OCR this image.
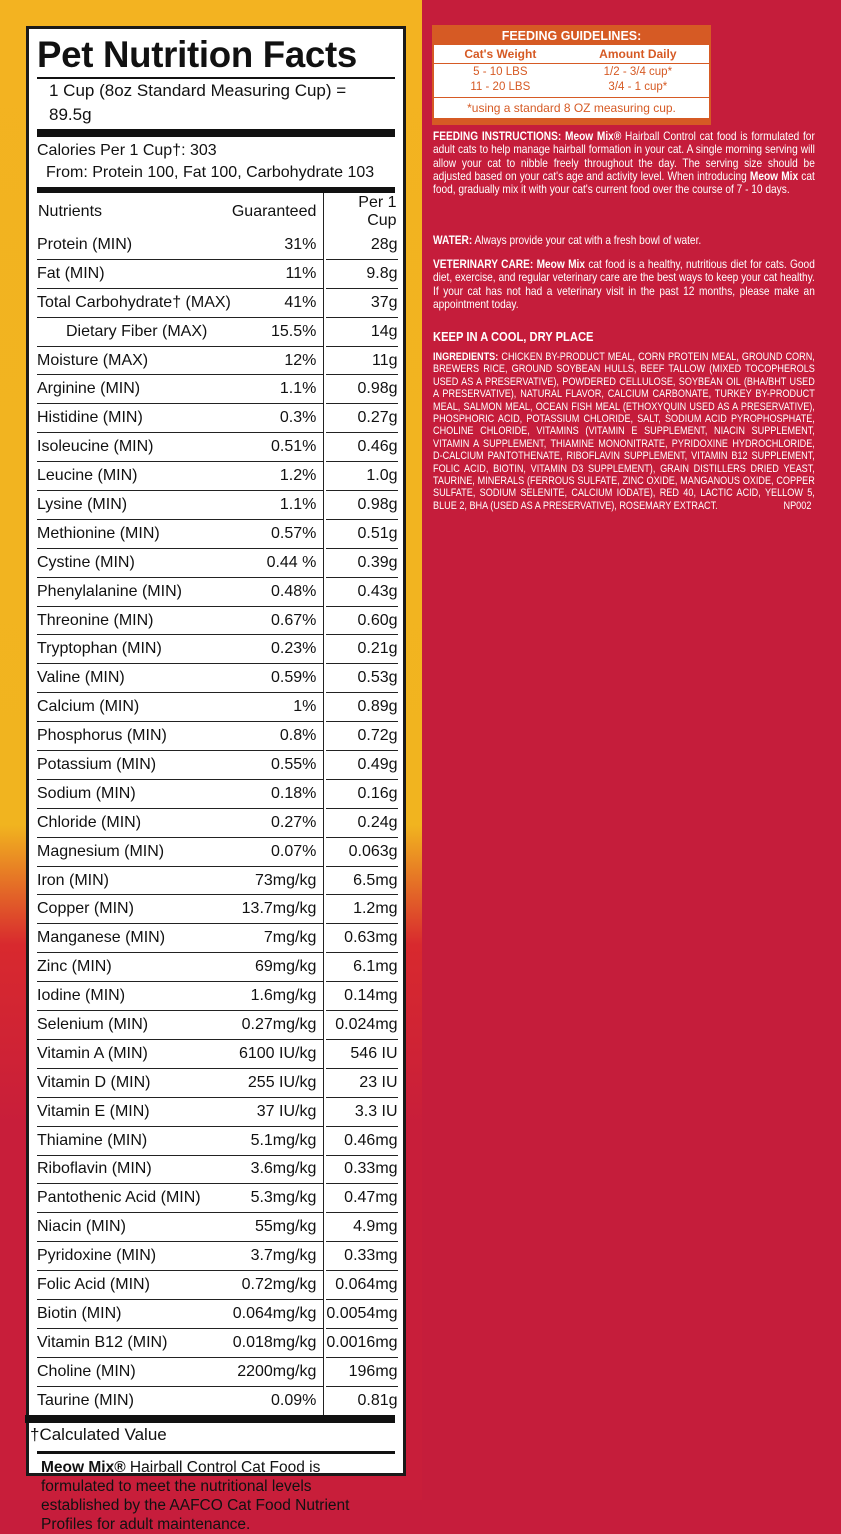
Pet Nutrition Facts
1 Cup (8oz Standard Measuring Cup) = 89.5g
Calories Per 1 Cup†: 303
From: Protein 100, Fat 100, Carbohydrate 103
Nutrients	Guaranteed		Per 1 Cup
Protein (MIN)	31%		28g
Fat (MIN)	11%		9.8g
Total Carbohydrate† (MAX)	41%		37g
Dietary Fiber (MAX)	15.5%		14g
Moisture (MAX)	12%		11g
Arginine (MIN)	1.1%		0.98g
Histidine (MIN)	0.3%		0.27g
Isoleucine (MIN)	0.51%		0.46g
Leucine (MIN)	1.2%		1.0g
Lysine (MIN)	1.1%		0.98g
Methionine (MIN)	0.57%		0.51g
Cystine (MIN)	0.44 %		0.39g
Phenylalanine (MIN)	0.48%		0.43g
Threonine (MIN)	0.67%		0.60g
Tryptophan (MIN)	0.23%		0.21g
Valine (MIN)	0.59%		0.53g
Calcium (MIN)	1%		0.89g
Phosphorus (MIN)	0.8%		0.72g
Potassium (MIN)	0.55%		0.49g
Sodium (MIN)	0.18%		0.16g
Chloride (MIN)	0.27%		0.24g
Magnesium (MIN)	0.07%		0.063g
Iron (MIN)	73mg/kg		6.5mg
Copper (MIN)	13.7mg/kg		1.2mg
Manganese (MIN)	7mg/kg		0.63mg
Zinc (MIN)	69mg/kg		6.1mg
Iodine (MIN)	1.6mg/kg		0.14mg
Selenium (MIN)	0.27mg/kg		0.024mg
Vitamin A (MIN)	6100 IU/kg		546 IU
Vitamin D (MIN)	255 IU/kg		23 IU
Vitamin E (MIN)	37 IU/kg		3.3 IU
Thiamine (MIN)	5.1mg/kg		0.46mg
Riboflavin (MIN)	3.6mg/kg		0.33mg
Pantothenic Acid (MIN)	5.3mg/kg		0.47mg
Niacin (MIN)	55mg/kg		4.9mg
Pyridoxine (MIN)	3.7mg/kg		0.33mg
Folic Acid (MIN)	0.72mg/kg		0.064mg
Biotin (MIN)	0.064mg/kg		0.0054mg
Vitamin B12 (MIN)	0.018mg/kg		0.0016mg
Choline (MIN)	2200mg/kg		196mg
Taurine (MIN)	0.09%		0.81g
†Calculated Value
Meow Mix® Hairball Control Cat Food is formulated to meet the nutritional levels established by the AAFCO Cat Food Nutrient Profiles for adult maintenance.
FEEDING GUIDELINES:
Cat's Weight	Amount Daily
5 - 10 LBS	1/2 - 3/4 cup*
11 - 20 LBS	3/4 - 1 cup*
*using a standard 8 OZ measuring cup.
FEEDING INSTRUCTIONS: Meow Mix® Hairball Control cat food is formulated for adult cats to help manage hairball formation in your cat. A single morning serving will allow your cat to nibble freely throughout the day. The serving size should be adjusted based on your cat's age and activity level. When introducing Meow Mix cat food, gradually mix it with your cat's current food over the course of 7 - 10 days.
WATER: Always provide your cat with a fresh bowl of water.
VETERINARY CARE: Meow Mix cat food is a healthy, nutritious diet for cats. Good diet, exercise, and regular veterinary care are the best ways to keep your cat healthy. If your cat has not had a veterinary visit in the past 12 months, please make an appointment today.
KEEP IN A COOL, DRY PLACE
INGREDIENTS: CHICKEN BY-PRODUCT MEAL, CORN PROTEIN MEAL, GROUND CORN, BREWERS RICE, GROUND SOYBEAN HULLS, BEEF TALLOW (MIXED TOCOPHEROLS USED AS A PRESERVATIVE), POWDERED CELLULOSE, SOYBEAN OIL (BHA/BHT USED A PRESERVATIVE), NATURAL FLAVOR, CALCIUM CARBONATE, TURKEY BY-PRODUCT MEAL, SALMON MEAL, OCEAN FISH MEAL (ETHOXYQUIN USED AS A PRESERVATIVE), PHOSPHORIC ACID, POTASSIUM CHLORIDE, SALT, SODIUM ACID PYROPHOSPHATE, CHOLINE CHLORIDE, VITAMINS (VITAMIN E SUPPLEMENT, NIACIN SUPPLEMENT, VITAMIN A SUPPLEMENT, THIAMINE MONONITRATE, PYRIDOXINE HYDROCHLORIDE, D-CALCIUM PANTOTHENATE, RIBOFLAVIN SUPPLEMENT, VITAMIN B12 SUPPLEMENT, FOLIC ACID, BIOTIN, VITAMIN D3 SUPPLEMENT), GRAIN DISTILLERS DRIED YEAST, TAURINE, MINERALS (FERROUS SULFATE, ZINC OXIDE, MANGANOUS OXIDE, COPPER SULFATE, SODIUM SELENITE, CALCIUM IODATE), RED 40, LACTIC ACID, YELLOW 5, BLUE 2, BHA (USED AS A PRESERVATIVE), ROSEMARY EXTRACT.	NP002
